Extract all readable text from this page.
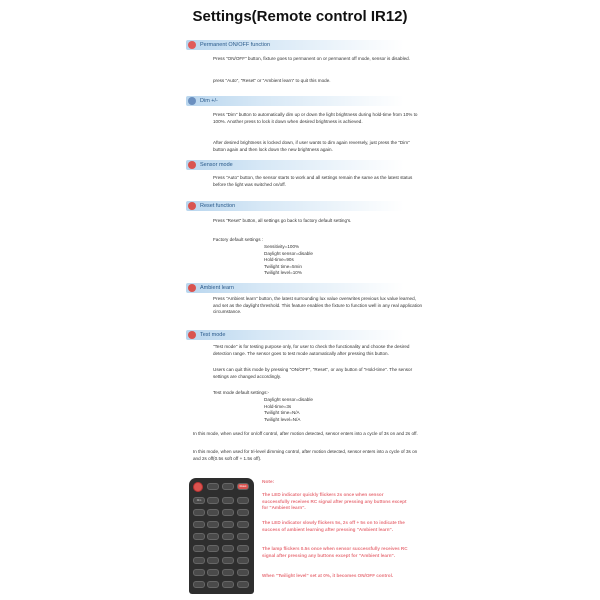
Settings(Remote control IR12)
Permanent ON/OFF function
Press "ON/OFF" button, fixture goes to permanent on or permanent off mode, sensor is disabled.
press "Auto", "Reset" or "Ambient learn" to quit this mode.
Dim +/-
Press "Dim" button to automatically dim up or down the light brightness during hold-time from 10% to 100%. Another press to lock it down when desired brightness is achieved.
After desired brightness is locked down, if user wants to dim again reversely, just press the "Dim" button again and then lock down the new brightness again.
Sensor mode
Press "Auto" button, the sensor starts to work and all settings remain the same as the latest status before the light was switched on/off.
Reset function
Press "Reset" button, all settings go back to factory default setting's.
Factory default settings :
Sensitivity=100%
Daylight sensor=disable
Hold-time=90s
Twilight time=5min
Twilight level=10%
Ambient learn
Press "Ambient learn" button, the latest surrounding lux value overwrites previous lux value learned, and set as the daylight threshold. This feature enables the fixture to function well in any real application circumstance.
Test mode
"Test mode" is for testing purpose only, for user to check the functionality and choose the desired detection range. The sensor goes to test mode automatically after pressing this button.
Users can quit this mode by pressing "ON/OFF", "Reset", or any button of "Hold-time". The sensor settings are changed accordingly.
Test mode default settings:-
Daylight sensor=disable
Hold-time=3s
Twilight time=N/A
Twilight level=N/A
In this mode, when used for on/off control, after motion detected, sensor enters into a cycle of 3s on and 2s off.
In this mode, when used for tri-level dimming control, after motion detected, sensor enters into a cycle of 3s on and 2s off(0.5s soft off + 1.5s off).
Reset
Dim
Note:
The LED indicator quickly flickers 2s once when sensor successfully receives RC signal after pressing any buttons except for "Ambient learn".
The LED indicator slowly flickers 5s, 2s off + 5s on to indicate the success of ambient learning after pressing "Ambient learn".
The lamp flickers 0.5s once when sensor successfully receives RC signal after pressing any buttons except for "Ambient learn".
When "Twilight level" set at 0%, it becomes ON/OFF control.
